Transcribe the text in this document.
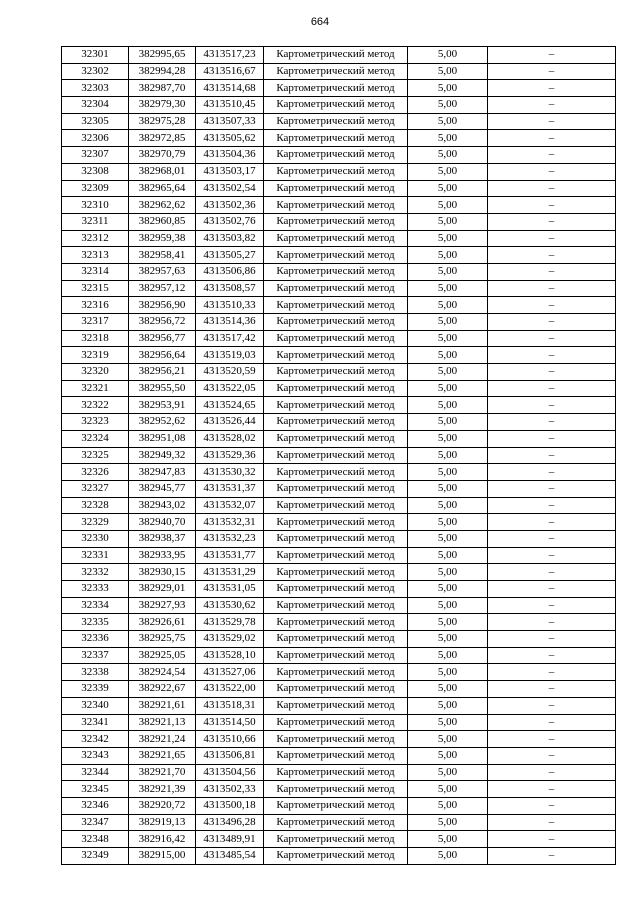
664
32301	382995,65	4313517,23	Картометрический метод	5,00	–
32302	382994,28	4313516,67	Картометрический метод	5,00	–
32303	382987,70	4313514,68	Картометрический метод	5,00	–
32304	382979,30	4313510,45	Картометрический метод	5,00	–
32305	382975,28	4313507,33	Картометрический метод	5,00	–
32306	382972,85	4313505,62	Картометрический метод	5,00	–
32307	382970,79	4313504,36	Картометрический метод	5,00	–
32308	382968,01	4313503,17	Картометрический метод	5,00	–
32309	382965,64	4313502,54	Картометрический метод	5,00	–
32310	382962,62	4313502,36	Картометрический метод	5,00	–
32311	382960,85	4313502,76	Картометрический метод	5,00	–
32312	382959,38	4313503,82	Картометрический метод	5,00	–
32313	382958,41	4313505,27	Картометрический метод	5,00	–
32314	382957,63	4313506,86	Картометрический метод	5,00	–
32315	382957,12	4313508,57	Картометрический метод	5,00	–
32316	382956,90	4313510,33	Картометрический метод	5,00	–
32317	382956,72	4313514,36	Картометрический метод	5,00	–
32318	382956,77	4313517,42	Картометрический метод	5,00	–
32319	382956,64	4313519,03	Картометрический метод	5,00	–
32320	382956,21	4313520,59	Картометрический метод	5,00	–
32321	382955,50	4313522,05	Картометрический метод	5,00	–
32322	382953,91	4313524,65	Картометрический метод	5,00	–
32323	382952,62	4313526,44	Картометрический метод	5,00	–
32324	382951,08	4313528,02	Картометрический метод	5,00	–
32325	382949,32	4313529,36	Картометрический метод	5,00	–
32326	382947,83	4313530,32	Картометрический метод	5,00	–
32327	382945,77	4313531,37	Картометрический метод	5,00	–
32328	382943,02	4313532,07	Картометрический метод	5,00	–
32329	382940,70	4313532,31	Картометрический метод	5,00	–
32330	382938,37	4313532,23	Картометрический метод	5,00	–
32331	382933,95	4313531,77	Картометрический метод	5,00	–
32332	382930,15	4313531,29	Картометрический метод	5,00	–
32333	382929,01	4313531,05	Картометрический метод	5,00	–
32334	382927,93	4313530,62	Картометрический метод	5,00	–
32335	382926,61	4313529,78	Картометрический метод	5,00	–
32336	382925,75	4313529,02	Картометрический метод	5,00	–
32337	382925,05	4313528,10	Картометрический метод	5,00	–
32338	382924,54	4313527,06	Картометрический метод	5,00	–
32339	382922,67	4313522,00	Картометрический метод	5,00	–
32340	382921,61	4313518,31	Картометрический метод	5,00	–
32341	382921,13	4313514,50	Картометрический метод	5,00	–
32342	382921,24	4313510,66	Картометрический метод	5,00	–
32343	382921,65	4313506,81	Картометрический метод	5,00	–
32344	382921,70	4313504,56	Картометрический метод	5,00	–
32345	382921,39	4313502,33	Картометрический метод	5,00	–
32346	382920,72	4313500,18	Картометрический метод	5,00	–
32347	382919,13	4313496,28	Картометрический метод	5,00	–
32348	382916,42	4313489,91	Картометрический метод	5,00	–
32349	382915,00	4313485,54	Картометрический метод	5,00	–
